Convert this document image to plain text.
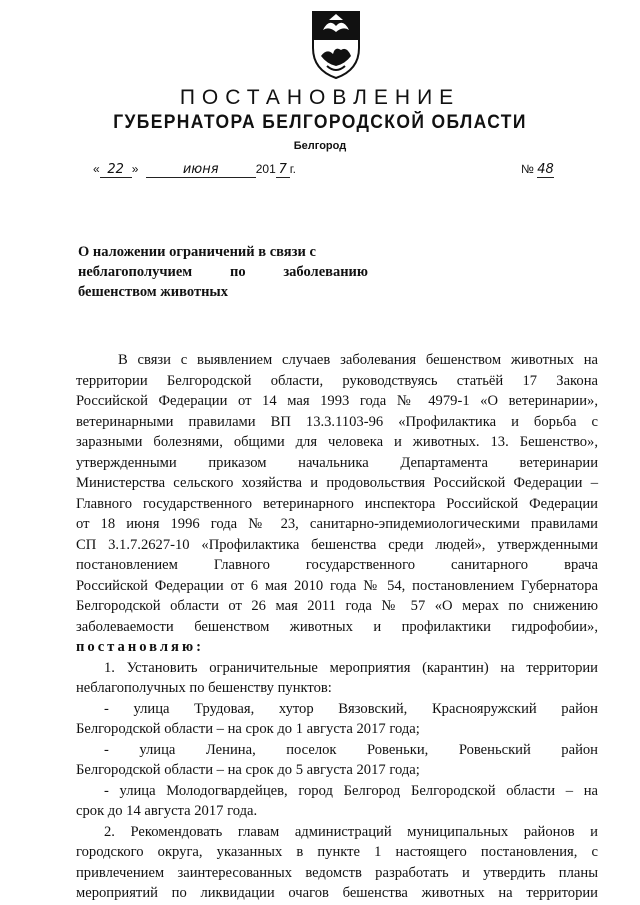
ПОСТАНОВЛЕНИЕ
ГУБЕРНАТОРА БЕЛГОРОДСКОЙ ОБЛАСТИ
Белгород
« 22 »	июня	201 7 г.	№ 48
О наложении ограничений в связи с
неблагополучием	по	заболеванию
бешенством животных
В связи с выявлением случаев заболевания бешенством животных на
территории Белгородской области, руководствуясь статьёй 17 Закона
Российской Федерации от 14 мая 1993 года № 4979-1 «О ветеринарии»,
ветеринарными правилами ВП 13.3.1103-96 «Профилактика и борьба с
заразными болезнями, общими для человека и животных. 13. Бешенство»,
утвержденными приказом начальника Департамента ветеринарии
Министерства сельского хозяйства и продовольствия Российской Федерации –
Главного государственного ветеринарного инспектора Российской Федерации
от 18 июня 1996 года № 23, санитарно-эпидемиологическими правилами
СП 3.1.7.2627-10 «Профилактика бешенства среди людей», утвержденными
постановлением Главного государственного санитарного врача
Российской Федерации от 6 мая 2010 года № 54, постановлением Губернатора
Белгородской области от 26 мая 2011 года № 57 «О мерах по снижению
заболеваемости бешенством животных и профилактики гидрофобии»,
постановляю:
1. Установить ограничительные мероприятия (карантин) на территории
неблагополучных по бешенству пунктов:
- улица Трудовая, хутор Вязовский, Краснояружский район
Белгородской области – на срок до 1 августа 2017 года;
- улица Ленина, поселок Ровеньки, Ровеньский район
Белгородской области – на срок до 5 августа 2017 года;
- улица Молодогвардейцев, город Белгород Белгородской области – на
срок до 14 августа 2017 года.
2. Рекомендовать главам администраций муниципальных районов и
городского округа, указанных в пункте 1 настоящего постановления, с
привлечением заинтересованных ведомств разработать и утвердить планы
мероприятий по ликвидации очагов бешенства животных на территории
